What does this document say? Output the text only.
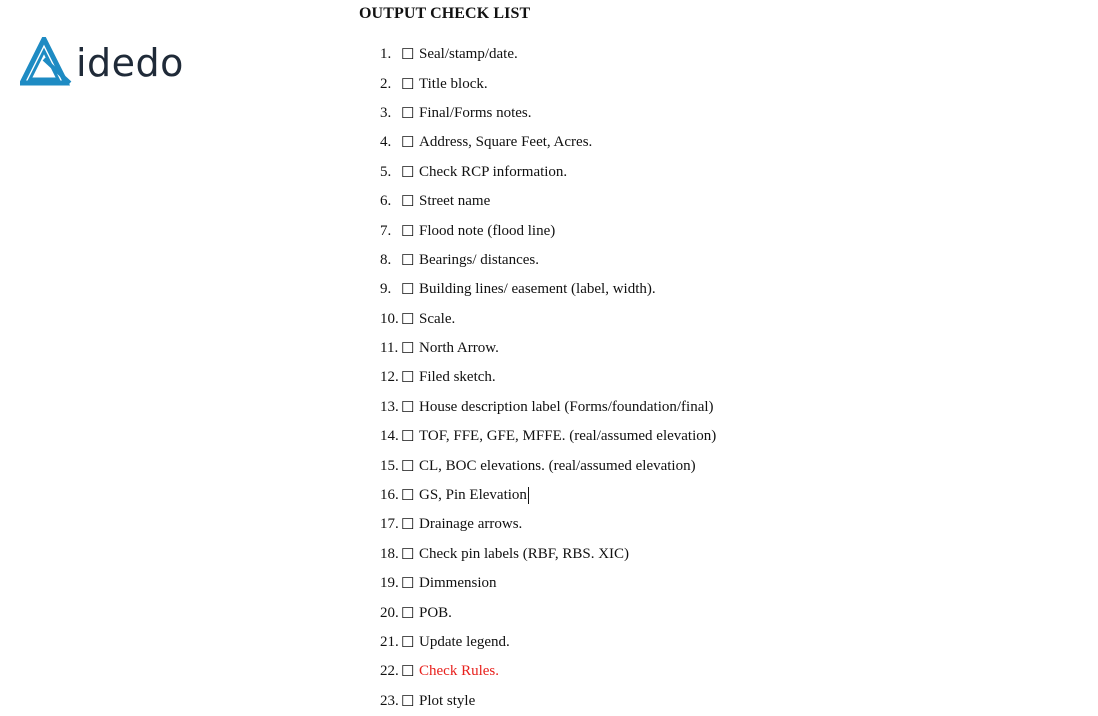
idedo
OUTPUT CHECK LIST
1. ☐ Seal/stamp/date.
2. ☐ Title block.
3. ☐ Final/Forms notes.
4. ☐ Address, Square Feet, Acres.
5. ☐ Check RCP information.
6. ☐ Street name
7. ☐ Flood note (flood line)
8. ☐ Bearings/ distances.
9. ☐ Building lines/ easement (label, width).
10. ☐ Scale.
11. ☐ North Arrow.
12. ☐ Filed sketch.
13. ☐ House description label (Forms/foundation/final)
14. ☐ TOF, FFE, GFE, MFFE. (real/assumed elevation)
15. ☐ CL, BOC elevations. (real/assumed elevation)
16. ☐ GS, Pin Elevation
17. ☐ Drainage arrows.
18. ☐ Check pin labels (RBF, RBS. XIC)
19. ☐ Dimmension
20. ☐ POB.
21. ☐ Update legend.
22. ☐ Check Rules.
23. ☐ Plot style
